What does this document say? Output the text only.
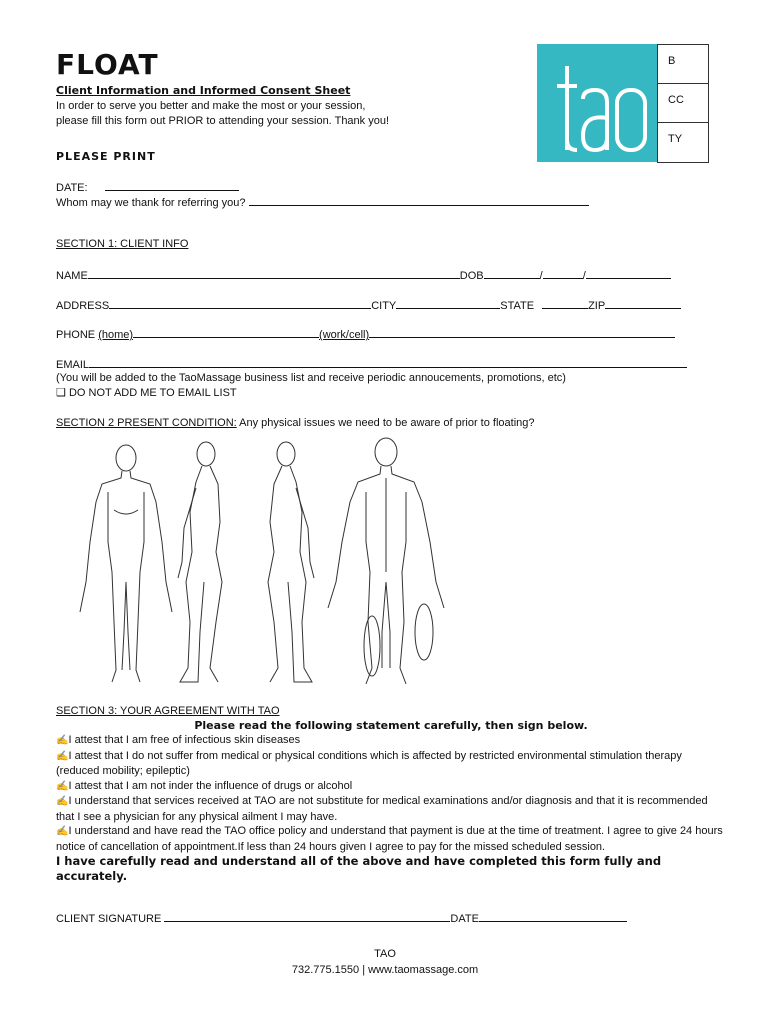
FLOAT
Client Information and Informed Consent Sheet
In order to serve you better and make the most or your session,
please fill this form out PRIOR to attending your session. Thank you!
B
CC
TY
PLEASE PRINT
DATE:
Whom may we thank for referring you?
SECTION 1: CLIENT INFO
NAME	DOB	/	/
ADDRESS	CITY	STATE	ZIP
PHONE (home)	(work/cell)
EMAIL
(You will be added to the TaoMassage business list and receive periodic annoucements, promotions, etc)
❑ DO NOT ADD ME TO EMAIL LIST
SECTION 2 PRESENT CONDITION: Any physical issues we need to be aware of prior to floating?
SECTION 3: YOUR AGREEMENT WITH TAO
Please read the following statement carefully, then sign below.
✍I attest that I am free of infectious skin diseases
✍I attest that I do not suffer from medical or physical conditions which is affected by restricted environmental stimulation therapy (reduced mobility; epileptic)
✍I attest that I am not inder the influence of drugs or alcohol
✍I understand that services received at TAO are not substitute for medical examinations and/or diagnosis and that it is recommended that I see a physician for any physical ailment I may have.
✍I understand and have read the TAO office policy and understand that payment is due at the time of treatment. I agree to give 24 hours notice of cancellation of appointment.If less than 24 hours given I agree to pay for the missed scheduled session.
I have carefully read and understand all of the above and have completed this form fully and accurately.
CLIENT SIGNATURE	DATE
TAO
732.775.1550 | www.taomassage.com
